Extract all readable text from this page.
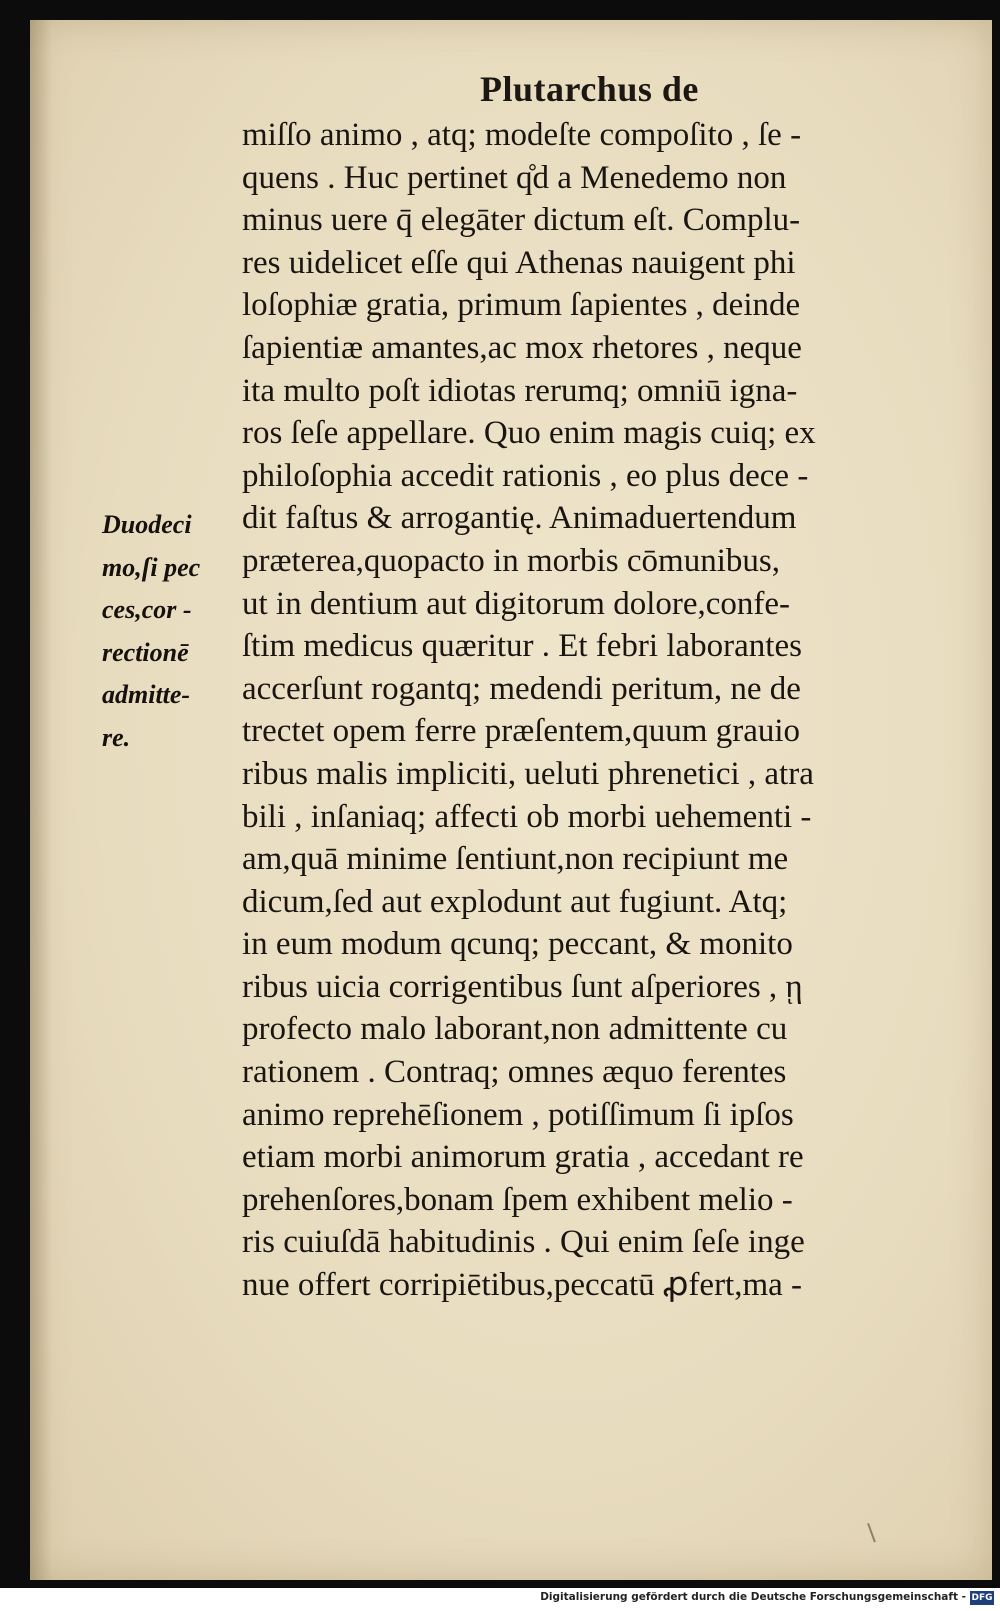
Plutarchus de
Duodeci
mo,ſi pec
ces,cor -
rectionē
admitte-
re.
miſſo animo , atq; modeſte compoſito , ſe -
quens . Huc pertinet q̊d a Menedemo non
minus uere q̄ elegāter dictum eſt. Complu-
res uidelicet eſſe qui Athenas nauigent phi
loſophiæ gratia, primum ſapientes , deinde
ſapientiæ amantes,ac mox rhetores , neque
ita multo poſt idiotas rerumq; omniū igna-
ros ſeſe appellare. Quo enim magis cuiq; ex
philoſophia accedit rationis , eo plus dece -
dit faſtus & arrogantię. Animaduertendum
præterea,quopacto in morbis cōmunibus,
ut in dentium aut digitorum dolore,confe-
ſtim medicus quæritur . Et febri laborantes
accerſunt rogantq; medendi peritum, ne de
trectet opem ferre præſentem,quum grauio
ribus malis impliciti, ueluti phrenetici , atra
bili , inſaniaq; affecti ob morbi uehementi -
am,quā minime ſentiunt,non recipiunt me
dicum,ſed aut explodunt aut fugiunt. Atq;
in eum modum qcunq; peccant, & monito
ribus uicia corrigentibus ſunt aſperiores , ῃ
profecto malo laborant,non admittente cu
rationem . Contraq; omnes æquo ferentes
animo reprehēſionem , potiſſimum ſi ipſos
etiam morbi animorum gratia , accedant re
prehenſores,bonam ſpem exhibent melio -
ris cuiuſdā habitudinis . Qui enim ſeſe inge
nue offert corripiētibus,peccatū ꝓfert,ma -
Digitalisierung gefördert durch die Deutsche Forschungsgemeinschaft - DFG
